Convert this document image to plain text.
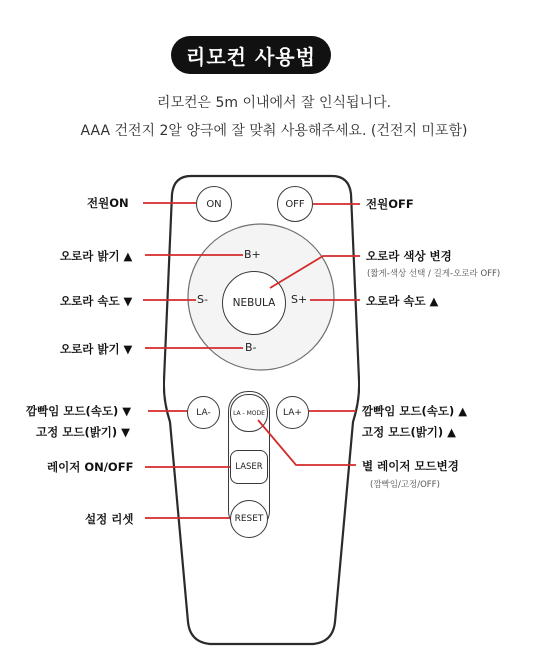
리모컨 사용법
리모컨은 5m 이내에서 잘 인식됩니다.
AAA 건전지 2알 양극에 잘 맞춰 사용해주세요. (건전지 미포함)
ON	OFF
B+
B-
S-	S+
NEBULA
LA-	LA+
LA - MODE
LASER
RESET
전원ON	전원OFF
오로라 밝기 ▲	오로라 색상 변경
(짧게-색상 선택 / 길게-오로라 OFF)
오로라 속도 ▼	오로라 속도 ▲
오로라 밝기 ▼
깜빡임 모드(속도) ▼
고정 모드(밝기) ▼
깜빡임 모드(속도) ▲
고정 모드(밝기) ▲
레이저 ON/OFF	별 레이저 모드변경
(깜빡임/고정/OFF)
설정 리셋
